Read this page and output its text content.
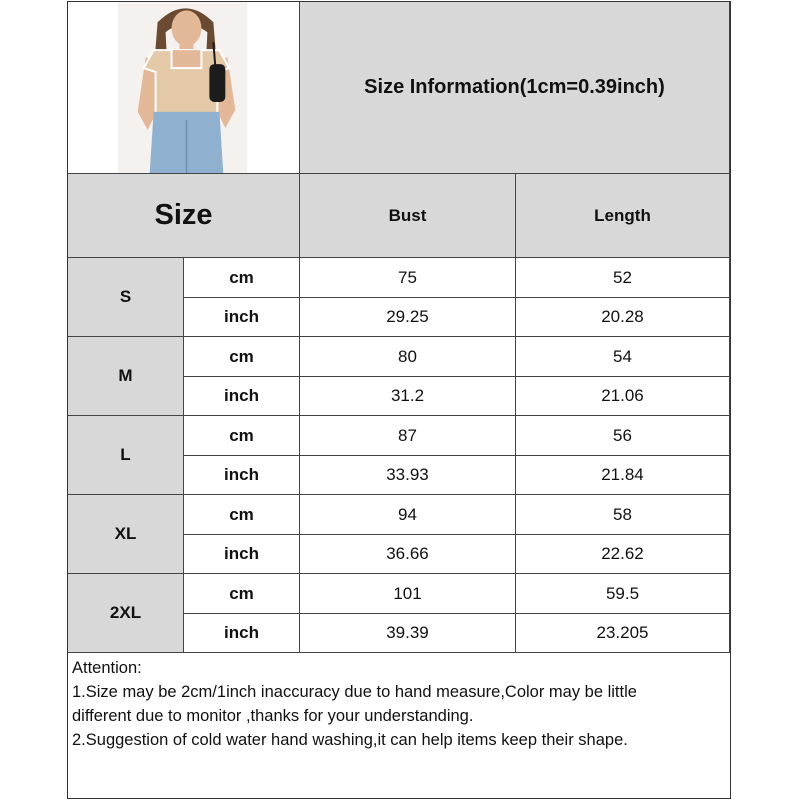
Size Information(1cm=0.39inch)
Size	Bust	Length
S
cm	75	52
inch	29.25	20.28
M
cm	80	54
inch	31.2	21.06
L
cm	87	56
inch	33.93	21.84
XL
cm	94	58
inch	36.66	22.62
2XL
cm	101	59.5
inch	39.39	23.205
Attention:
1.Size may be 2cm/1inch inaccuracy due to hand measure,Color may be little
different due to monitor ,thanks for your understanding.
2.Suggestion of cold water hand washing,it can help items keep their shape.
